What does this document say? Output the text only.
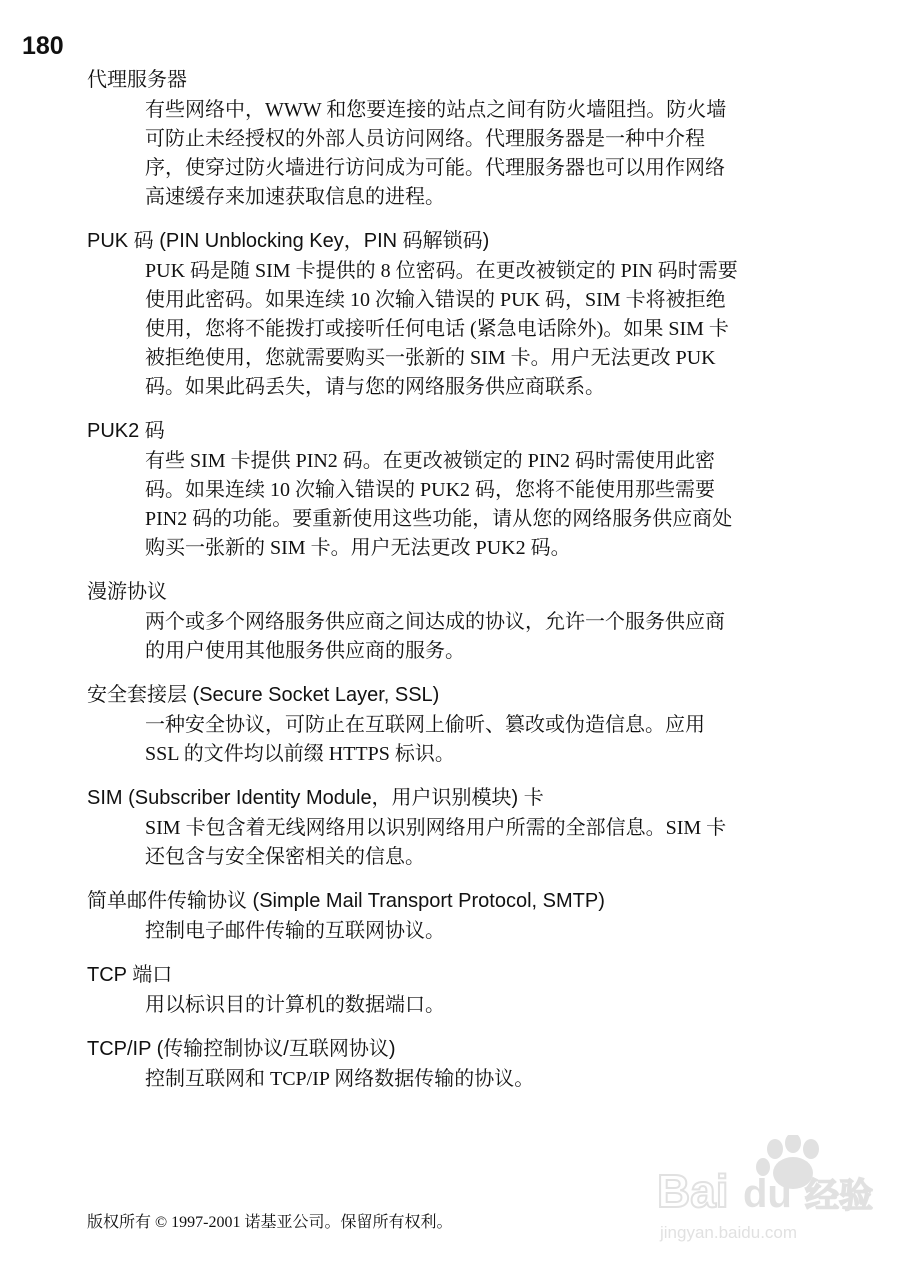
180
代理服务器
有些网络中，WWW 和您要连接的站点之间有防火墙阻挡。防火墙
可防止未经授权的外部人员访问网络。代理服务器是一种中介程
序，使穿过防火墙进行访问成为可能。代理服务器也可以用作网络
高速缓存来加速获取信息的进程。
PUK 码 (PIN Unblocking Key，PIN 码解锁码)
PUK 码是随 SIM 卡提供的 8 位密码。在更改被锁定的 PIN 码时需要
使用此密码。如果连续 10 次输入错误的 PUK 码，SIM 卡将被拒绝
使用，您将不能拨打或接听任何电话 (紧急电话除外)。如果 SIM 卡
被拒绝使用，您就需要购买一张新的 SIM 卡。用户无法更改 PUK
码。如果此码丢失，请与您的网络服务供应商联系。
PUK2 码
有些 SIM 卡提供 PIN2 码。在更改被锁定的 PIN2 码时需使用此密
码。如果连续 10 次输入错误的 PUK2 码，您将不能使用那些需要
PIN2 码的功能。要重新使用这些功能，请从您的网络服务供应商处
购买一张新的 SIM 卡。用户无法更改 PUK2 码。
漫游协议
两个或多个网络服务供应商之间达成的协议，允许一个服务供应商
的用户使用其他服务供应商的服务。
安全套接层 (Secure Socket Layer, SSL)
一种安全协议，可防止在互联网上偷听、篡改或伪造信息。应用
SSL 的文件均以前缀 HTTPS 标识。
SIM (Subscriber Identity Module，用户识别模块) 卡
SIM 卡包含着无线网络用以识别网络用户所需的全部信息。SIM 卡
还包含与安全保密相关的信息。
简单邮件传输协议 (Simple Mail Transport Protocol, SMTP)
控制电子邮件传输的互联网协议。
TCP 端口
用以标识目的计算机的数据端口。
TCP/IP (传输控制协议/互联网协议)
控制互联网和 TCP/IP 网络数据传输的协议。
版权所有 © 1997-2001 诺基亚公司。保留所有权利。
Bai du 经验
jingyan.baidu.com
